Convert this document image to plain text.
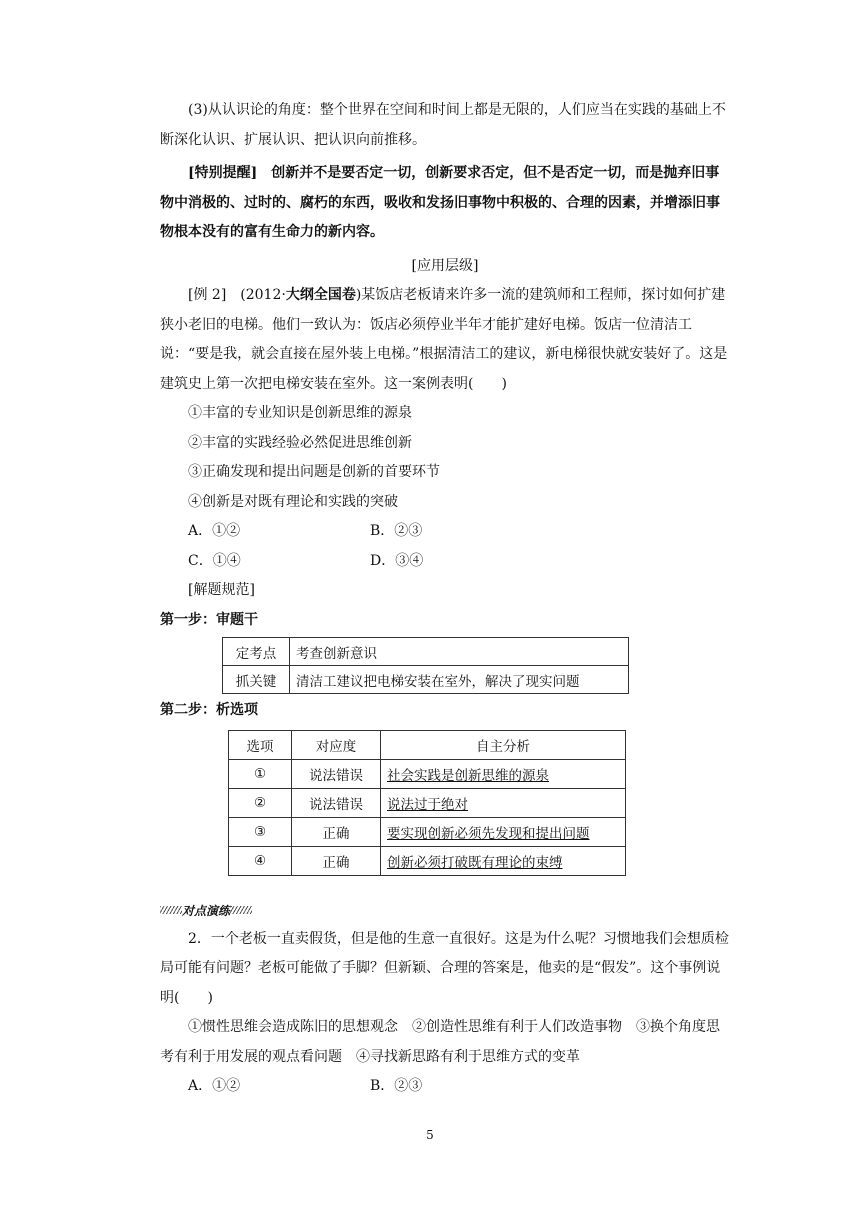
(3)从认识论的角度：整个世界在空间和时间上都是无限的，人们应当在实践的基础上不断深化认识、扩展认识、把认识向前推移。

[特别提醒]　创新并不是要否定一切，创新要求否定，但不是否定一切，而是抛弃旧事物中消极的、过时的、腐朽的东西，吸收和发扬旧事物中积极的、合理的因素，并增添旧事物根本没有的富有生命力的新内容。

[应用层级]

[例 2]　(2012·大纲全国卷)某饭店老板请来许多一流的建筑师和工程师，探讨如何扩建狭小老旧的电梯。他们一致认为：饭店必须停业半年才能扩建好电梯。饭店一位清洁工说：“要是我，就会直接在屋外装上电梯。”根据清洁工的建议，新电梯很快就安装好了。这是建筑史上第一次把电梯安装在室外。这一案例表明(　　)

①丰富的专业知识是创新思维的源泉

②丰富的实践经验必然促进思维创新

③正确发现和提出问题是创新的首要环节

④创新是对既有理论和实践的突破

A．①②	B．②③
C．①④	D．③④

[解题规范]

第一步：审题干

定考点	考查创新意识
抓关键	清洁工建议把电梯安装在室外，解决了现实问题

第二步：析选项

选项	对应度	自主分析
①	说法错误	社会实践是创新思维的源泉
②	说法错误	说法过于绝对
③	正确	要实现创新必须先发现和提出问题
④	正确	创新必须打破既有理论的束缚
对点演练

2．一个老板一直卖假货，但是他的生意一直很好。这是为什么呢？习惯地我们会想质检局可能有问题？老板可能做了手脚？但新颖、合理的答案是，他卖的是“假发”。这个事例说明(　　)

①惯性思维会造成陈旧的思想观念　②创造性思维有利于人们改造事物　③换个角度思考有利于用发展的观点看问题　④寻找新思路有利于思维方式的变革

A．①②	B．②③
5
